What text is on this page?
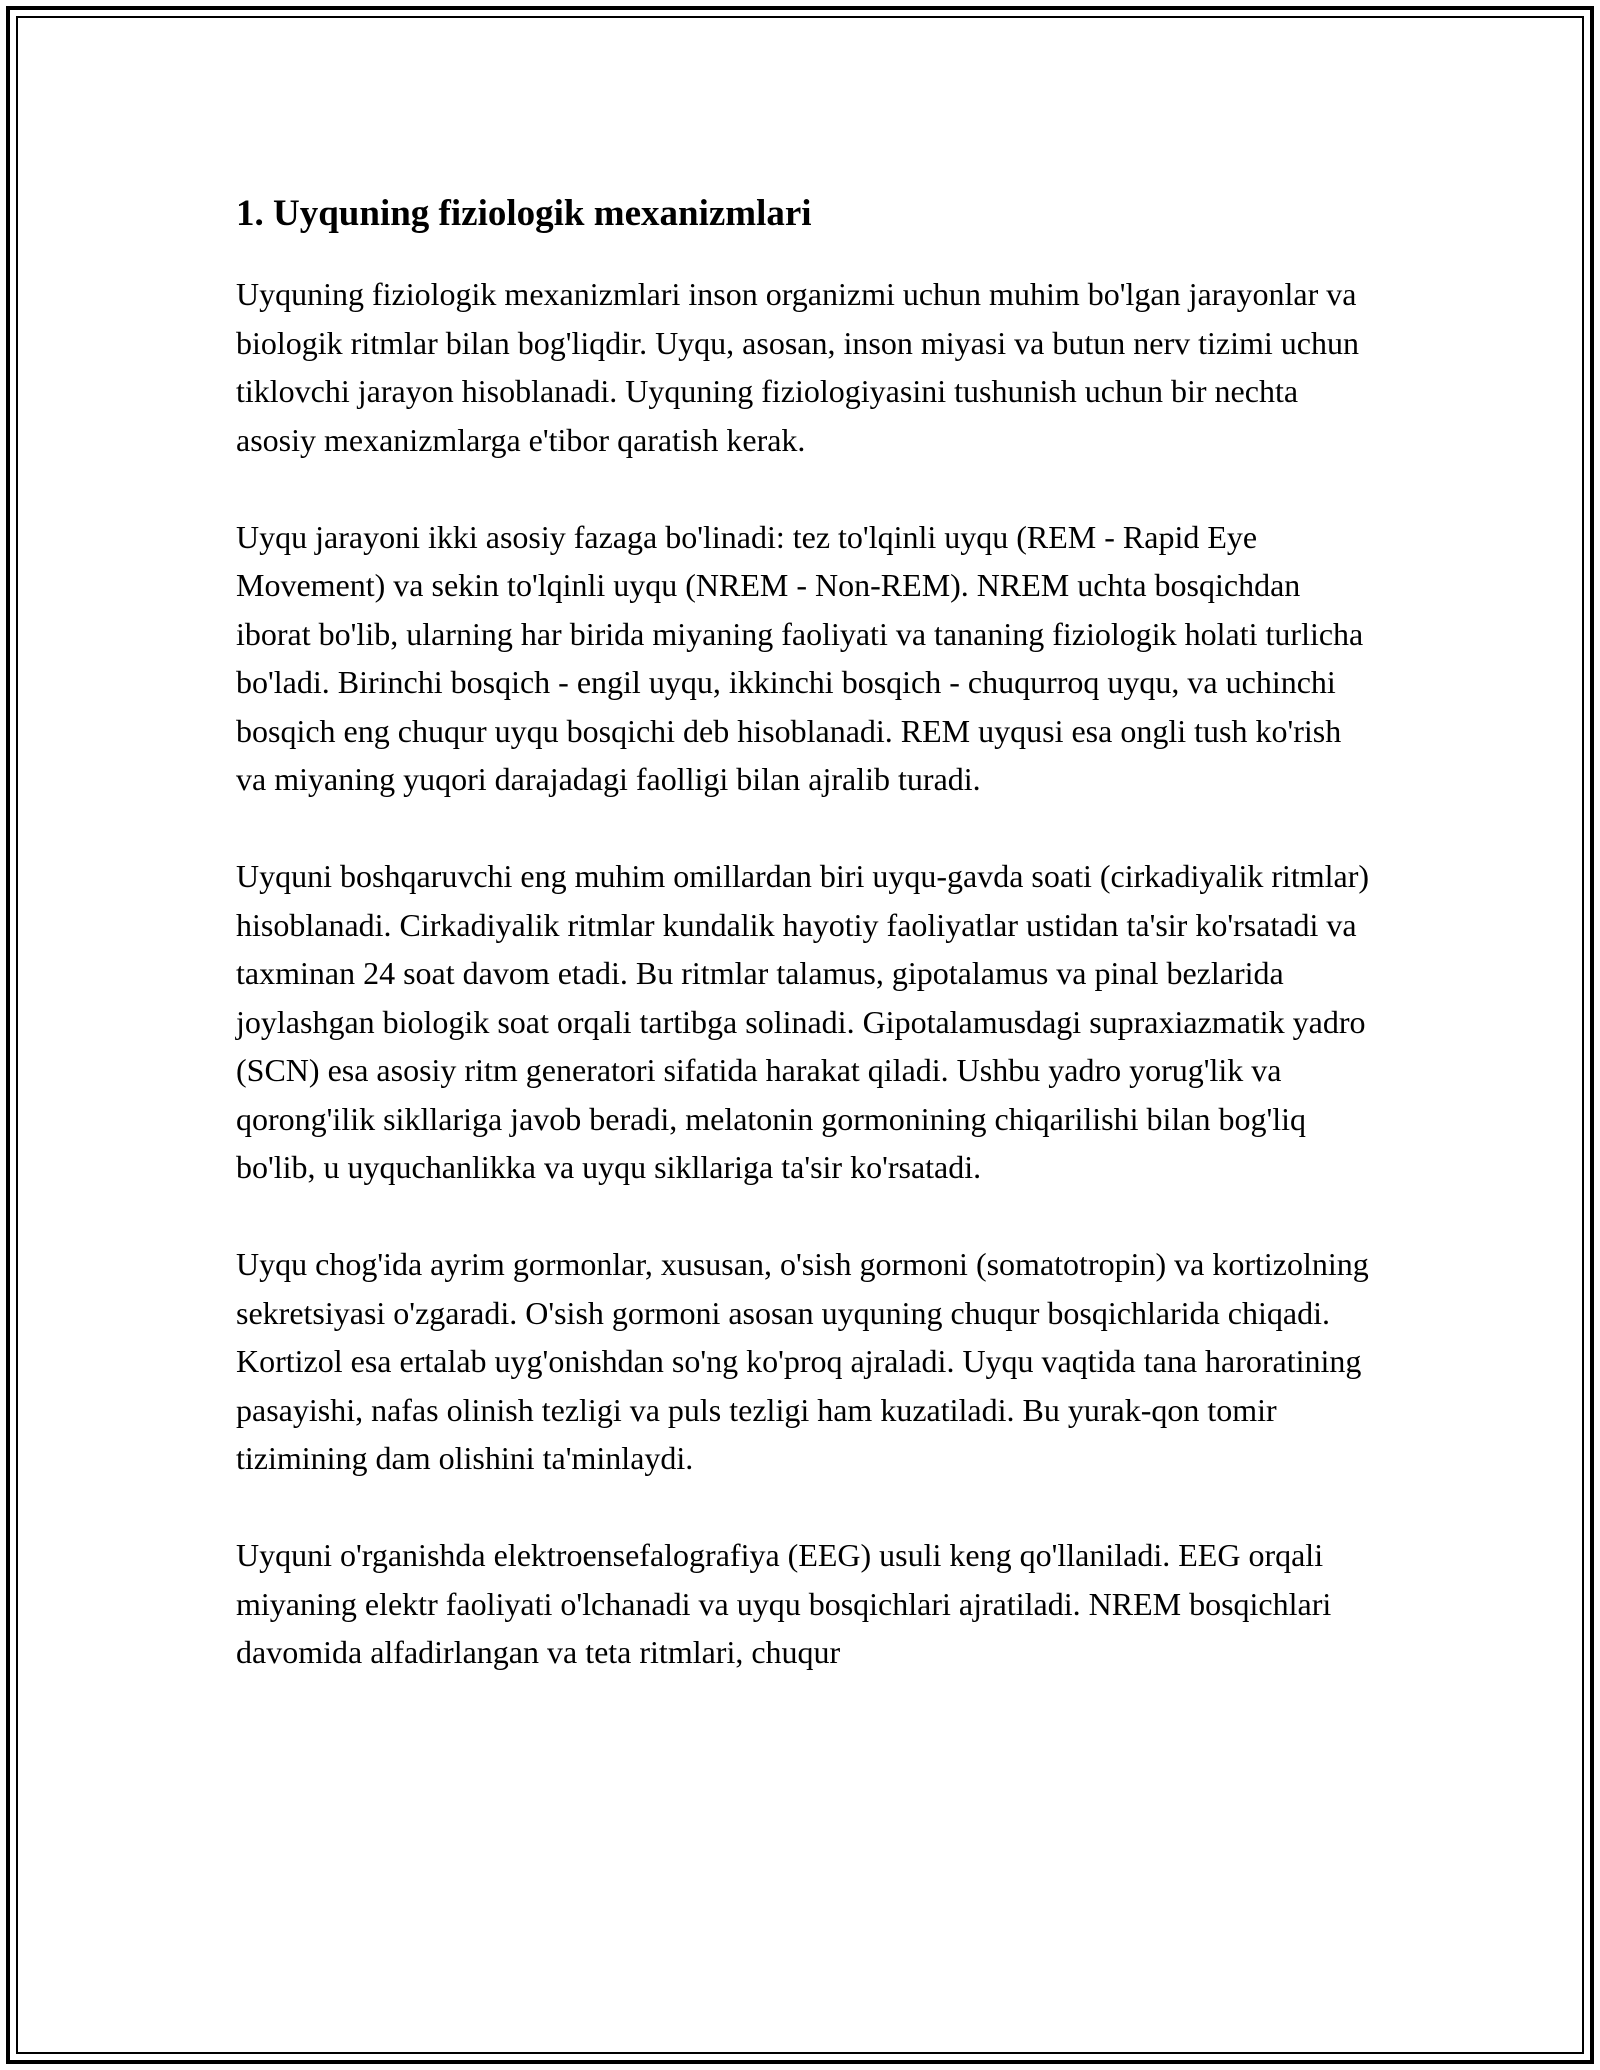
1. Uyquning fiziologik mexanizmlari

Uyquning fiziologik mexanizmlari inson organizmi uchun muhim bo'lgan jarayonlar va biologik ritmlar bilan bog'liqdir. Uyqu, asosan, inson miyasi va butun nerv tizimi uchun tiklovchi jarayon hisoblanadi. Uyquning fiziologiyasini tushunish uchun bir nechta asosiy mexanizmlarga e'tibor qaratish kerak.

Uyqu jarayoni ikki asosiy fazaga bo'linadi: tez to'lqinli uyqu (REM - Rapid Eye Movement) va sekin to'lqinli uyqu (NREM - Non-REM). NREM uchta bosqichdan iborat bo'lib, ularning har birida miyaning faoliyati va tananing fiziologik holati turlicha bo'ladi. Birinchi bosqich - engil uyqu, ikkinchi bosqich - chuqurroq uyqu, va uchinchi bosqich eng chuqur uyqu bosqichi deb hisoblanadi. REM uyqusi esa ongli tush ko'rish va miyaning yuqori darajadagi faolligi bilan ajralib turadi.

Uyquni boshqaruvchi eng muhim omillardan biri uyqu-gavda soati (cirkadiyalik ritmlar) hisoblanadi. Cirkadiyalik ritmlar kundalik hayotiy faoliyatlar ustidan ta'sir ko'rsatadi va taxminan 24 soat davom etadi. Bu ritmlar talamus, gipotalamus va pinal bezlarida joylashgan biologik soat orqali tartibga solinadi. Gipotalamusdagi supraxiazmatik yadro (SCN) esa asosiy ritm generatori sifatida harakat qiladi. Ushbu yadro yorug'lik va qorong'ilik sikllariga javob beradi, melatonin gormonining chiqarilishi bilan bog'liq bo'lib, u uyquchanlikka va uyqu sikllariga ta'sir ko'rsatadi.

Uyqu chog'ida ayrim gormonlar, xususan, o'sish gormoni (somatotropin) va kortizolning sekretsiyasi o'zgaradi. O'sish gormoni asosan uyquning chuqur bosqichlarida chiqadi. Kortizol esa ertalab uyg'onishdan so'ng ko'proq ajraladi. Uyqu vaqtida tana haroratining pasayishi, nafas olinish tezligi va puls tezligi ham kuzatiladi. Bu yurak-qon tomir tizimining dam olishini ta'minlaydi.

Uyquni o'rganishda elektroensefalografiya (EEG) usuli keng qo'llaniladi. EEG orqali miyaning elektr faoliyati o'lchanadi va uyqu bosqichlari ajratiladi. NREM bosqichlari davomida alfadirlangan va teta ritmlari, chuqur
